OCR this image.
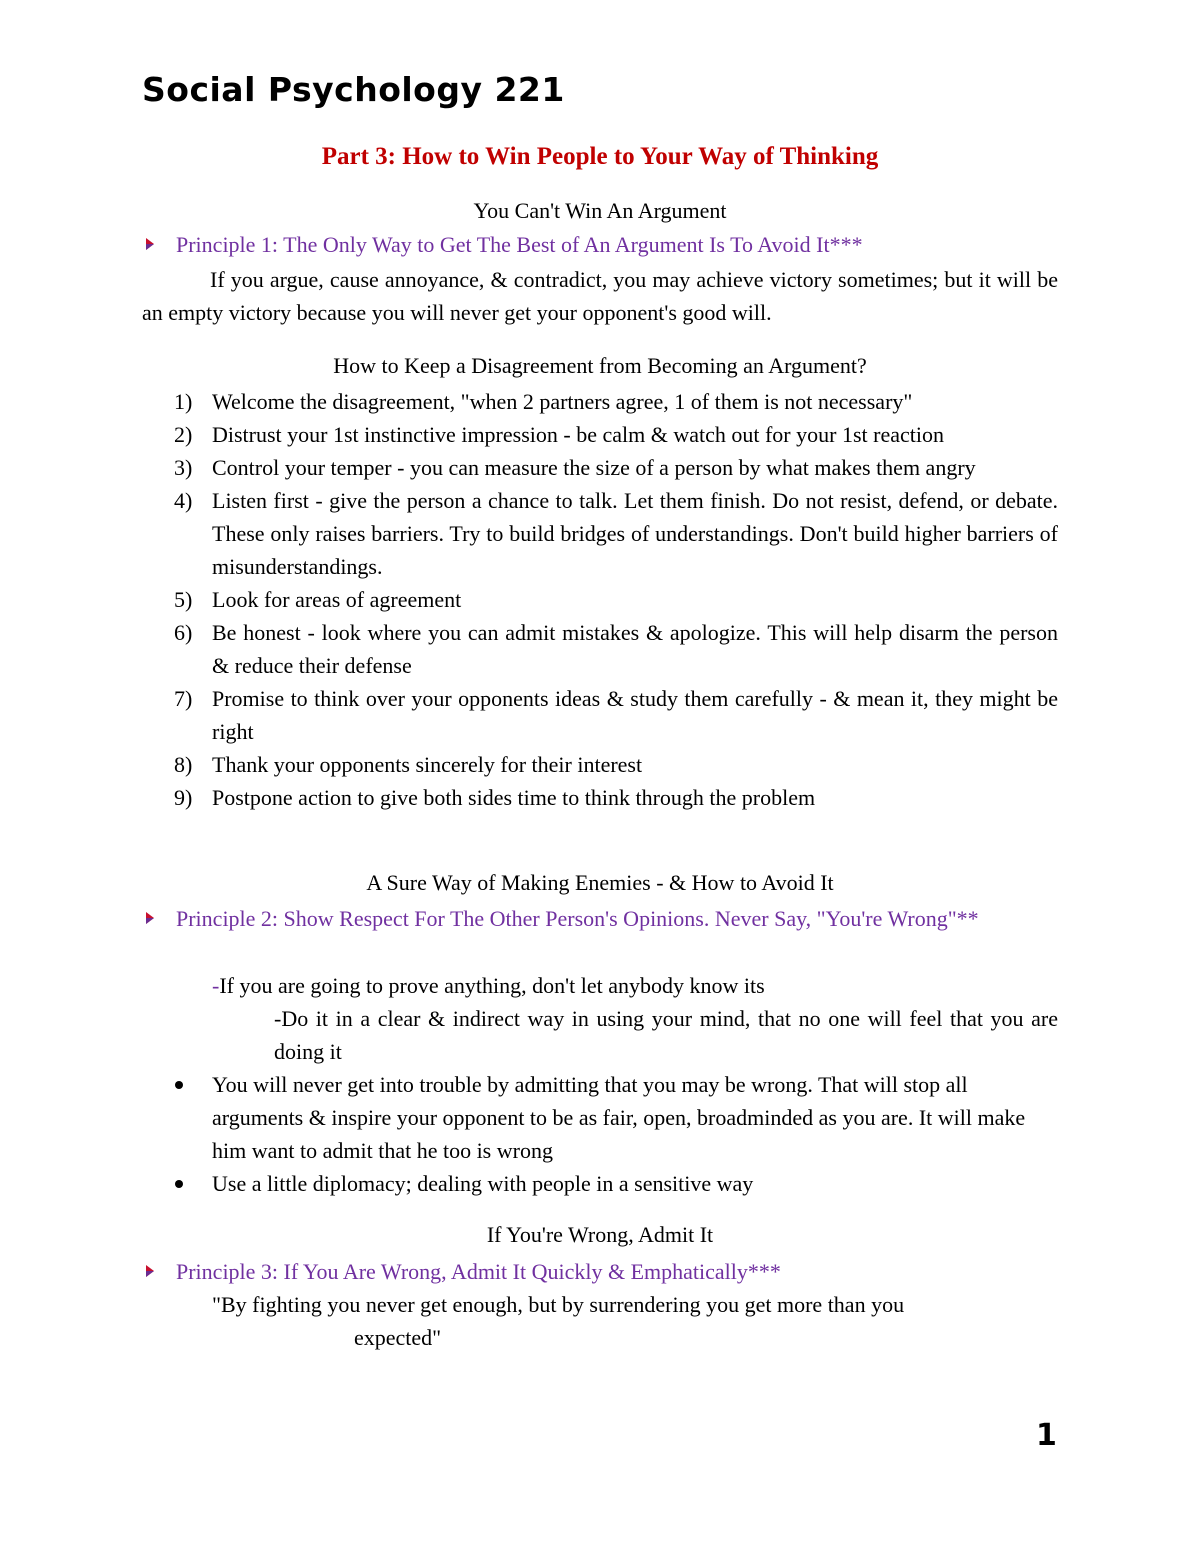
Social Psychology 221
Part 3: How to Win People to Your Way of Thinking
You Can't Win An Argument
Principle 1: The Only Way to Get The Best of An Argument Is To Avoid It***
If you argue, cause annoyance, & contradict, you may achieve victory sometimes; but it will be an empty victory because you will never get your opponent's good will.
How to Keep a Disagreement from Becoming an Argument?
1) Welcome the disagreement, "when 2 partners agree, 1 of them is not necessary"
2) Distrust your 1st instinctive impression - be calm & watch out for your 1st reaction
3) Control your temper - you can measure the size of a person by what makes them angry
4) Listen first - give the person a chance to talk. Let them finish. Do not resist, defend, or debate. These only raises barriers. Try to build bridges of understandings. Don't build higher barriers of misunderstandings.
5) Look for areas of agreement
6) Be honest - look where you can admit mistakes & apologize. This will help disarm the person & reduce their defense
7) Promise to think over your opponents ideas & study them carefully - & mean it, they might be right
8) Thank your opponents sincerely for their interest
9) Postpone action to give both sides time to think through the problem
A Sure Way of Making Enemies - & How to Avoid It
Principle 2: Show Respect For The Other Person's Opinions. Never Say, "You're Wrong"**
-If you are going to prove anything, don't let anybody know its
-Do it in a clear & indirect way in using your mind, that no one will feel that you are doing it
You will never get into trouble by admitting that you may be wrong. That will stop all arguments & inspire your opponent to be as fair, open, broadminded as you are. It will make him want to admit that he too is wrong
Use a little diplomacy; dealing with people in a sensitive way
If You're Wrong, Admit It
Principle 3: If You Are Wrong, Admit It Quickly & Emphatically***
"By fighting you never get enough, but by surrendering you get more than you
expected"
1
